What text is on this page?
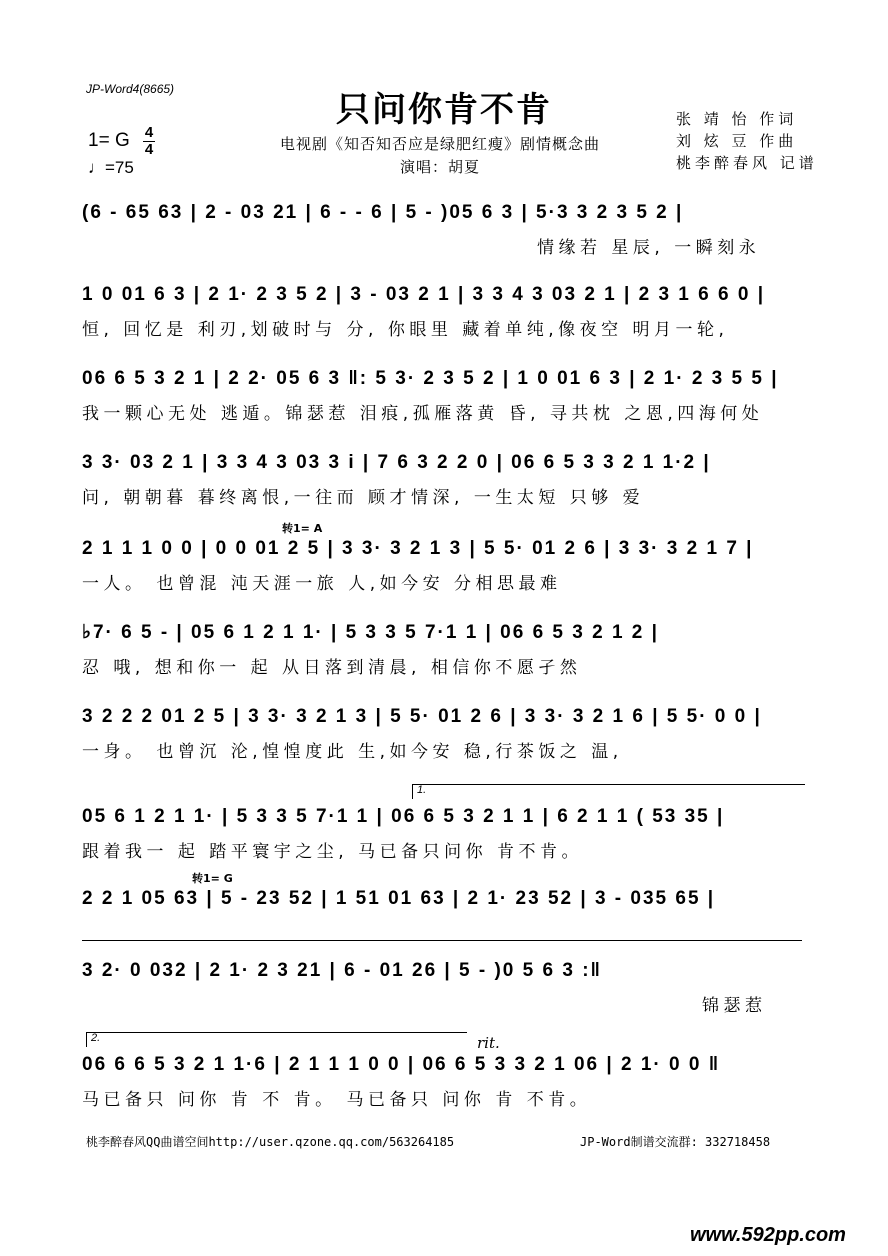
JP-Word4(8665)
只问你肯不肯
电视剧《知否知否应是绿肥红瘦》剧情概念曲
演唱：胡夏
张 靖 怡 作词
刘 炫 豆 作曲
桃李醉春风 记谱
1= G 4
4
♩=75
(6 - 65 63 | 2 - 03 21 | 6 - - 6 | 5 - )05 6 3 | 5·3 3 2 3 5 2 |
情缘若 星辰, 一瞬刻永
1 0 01 6 3 | 2 1· 2 3 5 2 | 3 - 03 2 1 | 3 3 4 3 03 2 1 | 2 3 1 6 6 0 |
恒, 回忆是 利刃,划破时与 分, 你眼里 藏着单纯,像夜空 明月一轮,
06 6 5 3 2 1 | 2 2· 05 6 3 ‖: 5 3· 2 3 5 2 | 1 0 01 6 3 | 2 1· 2 3 5 5 |
我一颗心无处 逃遁。锦瑟惹 泪痕,孤雁落黄 昏, 寻共枕 之恩,四海何处
3 3· 03 2 1 | 3 3 4 3 03 3 i | 7 6 3 2 2 0 | 06 6 5 3 3 2 1 1·2 |
问, 朝朝暮 暮终离恨,一往而 顾才情深, 一生太短 只够 爱
转1= A
2 1 1 1 0 0 | 0 0 01 2 5 | 3 3· 3 2 1 3 | 5 5· 01 2 6 | 3 3· 3 2 1 7 |
一人。 也曾混 沌天涯一旅 人,如今安 分相思最难
♭7· 6 5 - | 05 6 1 2 1 1· | 5 3 3 5 7·1 1 | 06 6 5 3 2 1 2 |
忍 哦, 想和你一 起 从日落到清晨, 相信你不愿孑然
3 2 2 2 01 2 5 | 3 3· 3 2 1 3 | 5 5· 01 2 6 | 3 3· 3 2 1 6 | 5 5· 0 0 |
一身。 也曾沉 沦,惶惶度此 生,如今安 稳,行茶饭之 温,
1.
05 6 1 2 1 1· | 5 3 3 5 7·1 1 | 06 6 5 3 2 1 1 | 6 2 1 1 ( 53 35 |
跟着我一 起 踏平寰宇之尘, 马已备只问你 肯不肯。
转1= G
2 2 1 05 63 | 5 - 23 52 | 1 51 01 63 | 2 1· 23 52 | 3 - 035 65 |
3 2· 0 032 | 2 1· 2 3 21 | 6 - 01 26 | 5 - )0 5 6 3 :‖
锦瑟惹
2.	rit.
06 6 6 5 3 2 1 1·6 | 2 1 1 1 0 0 | 06 6 5 3 3 2 1 06 | 2 1· 0 0 ‖
马已备只 问你 肯 不 肯。 马已备只 问你 肯 不肯。
桃李醉春风QQ曲谱空间http://user.qzone.qq.com/563264185	JP-Word制谱交流群: 332718458
www.592pp.com
